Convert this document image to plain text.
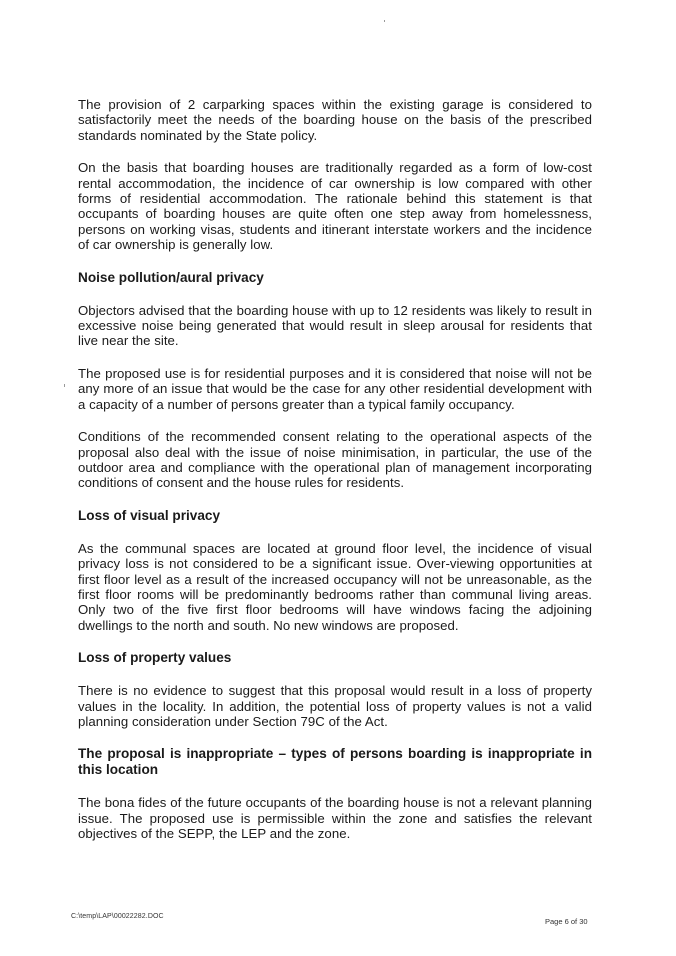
The provision of 2 carparking spaces within the existing garage is considered to satisfactorily meet the needs of the boarding house on the basis of the prescribed standards nominated by the State policy.

On the basis that boarding houses are traditionally regarded as a form of low-cost rental accommodation, the incidence of car ownership is low compared with other forms of residential accommodation. The rationale behind this statement is that occupants of boarding houses are quite often one step away from homelessness, persons on working visas, students and itinerant interstate workers and the incidence of car ownership is generally low.

Noise pollution/aural privacy

Objectors advised that the boarding house with up to 12 residents was likely to result in excessive noise being generated that would result in sleep arousal for residents that live near the site.

The proposed use is for residential purposes and it is considered that noise will not be any more of an issue that would be the case for any other residential development with a capacity of a number of persons greater than a typical family occupancy.

Conditions of the recommended consent relating to the operational aspects of the proposal also deal with the issue of noise minimisation, in particular, the use of the outdoor area and compliance with the operational plan of management incorporating conditions of consent and the house rules for residents.

Loss of visual privacy

As the communal spaces are located at ground floor level, the incidence of visual privacy loss is not considered to be a significant issue. Over-viewing opportunities at first floor level as a result of the increased occupancy will not be unreasonable, as the first floor rooms will be predominantly bedrooms rather than communal living areas. Only two of the five first floor bedrooms will have windows facing the adjoining dwellings to the north and south. No new windows are proposed.

Loss of property values

There is no evidence to suggest that this proposal would result in a loss of property values in the locality. In addition, the potential loss of property values is not a valid planning consideration under Section 79C of the Act.

The proposal is inappropriate – types of persons boarding is inappropriate in this location

The bona fides of the future occupants of the boarding house is not a relevant planning issue. The proposed use is permissible within the zone and satisfies the relevant objectives of the SEPP, the LEP and the zone.

C:\temp\LAP\00022282.DOC
Page 6 of 30
